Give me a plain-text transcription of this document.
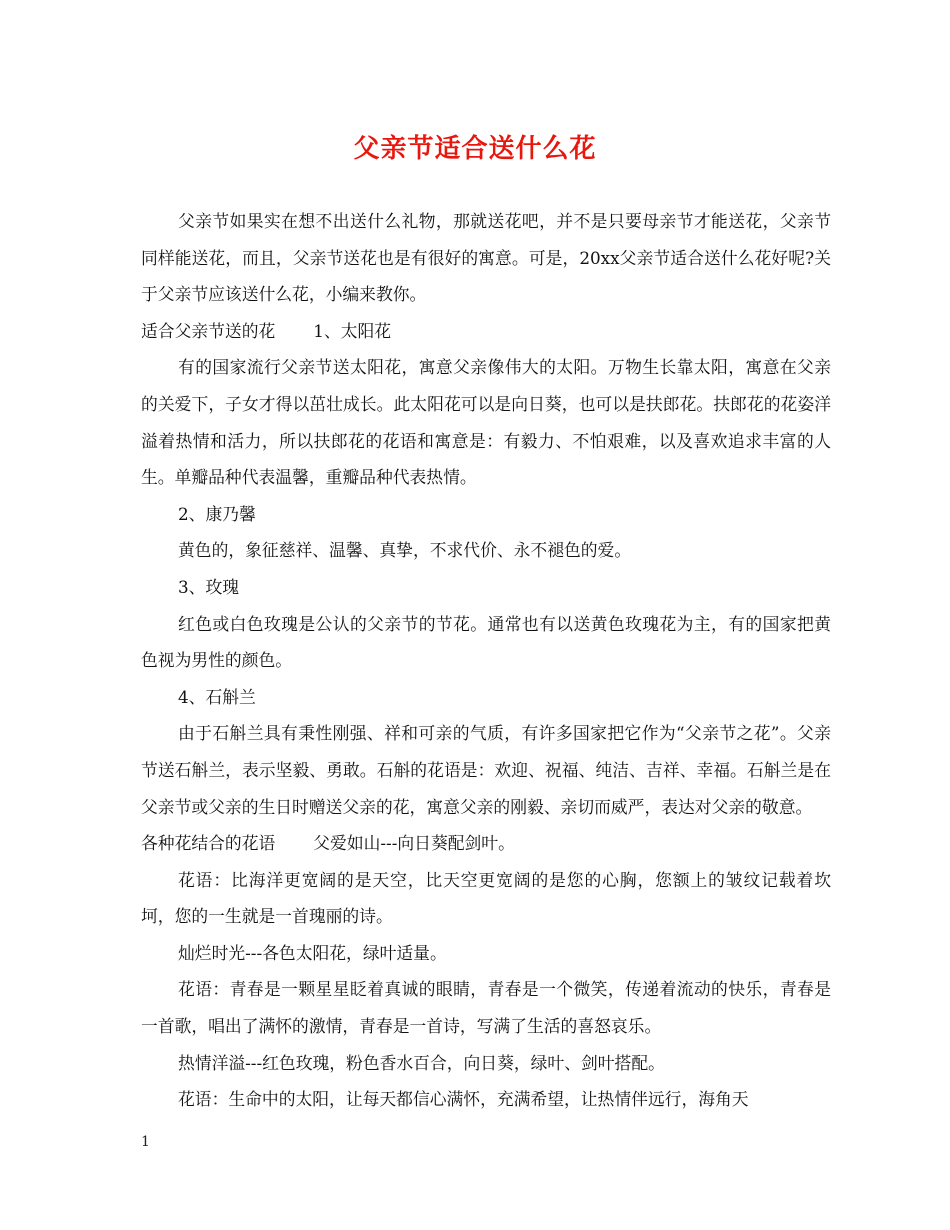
父亲节适合送什么花

父亲节如果实在想不出送什么礼物，那就送花吧，并不是只要母亲节才能送花，父亲节同样能送花，而且，父亲节送花也是有很好的寓意。可是，20xx父亲节适合送什么花好呢?关于父亲节应该送什么花，小编来教你。

适合父亲节送的花 1、太阳花

有的国家流行父亲节送太阳花，寓意父亲像伟大的太阳。万物生长靠太阳，寓意在父亲的关爱下，子女才得以茁壮成长。此太阳花可以是向日葵，也可以是扶郎花。扶郎花的花姿洋溢着热情和活力，所以扶郎花的花语和寓意是：有毅力、不怕艰难，以及喜欢追求丰富的人生。单瓣品种代表温馨，重瓣品种代表热情。

2、康乃馨

黄色的，象征慈祥、温馨、真挚，不求代价、永不褪色的爱。

3、玫瑰

红色或白色玫瑰是公认的父亲节的节花。通常也有以送黄色玫瑰花为主，有的国家把黄色视为男性的颜色。

4、石斛兰

由于石斛兰具有秉性刚强、祥和可亲的气质，有许多国家把它作为“父亲节之花”。父亲节送石斛兰，表示坚毅、勇敢。石斛的花语是：欢迎、祝福、纯洁、吉祥、幸福。石斛兰是在父亲节或父亲的生日时赠送父亲的花，寓意父亲的刚毅、亲切而威严，表达对父亲的敬意。

各种花结合的花语 父爱如山---向日葵配剑叶。

花语：比海洋更宽阔的是天空，比天空更宽阔的是您的心胸，您额上的皱纹记载着坎坷，您的一生就是一首瑰丽的诗。

灿烂时光---各色太阳花，绿叶适量。

花语：青春是一颗星星眨着真诚的眼睛，青春是一个微笑，传递着流动的快乐，青春是一首歌，唱出了满怀的激情，青春是一首诗，写满了生活的喜怒哀乐。

热情洋溢---红色玫瑰，粉色香水百合，向日葵，绿叶、剑叶搭配。

花语：生命中的太阳，让每天都信心满怀，充满希望，让热情伴远行，海角天

1
